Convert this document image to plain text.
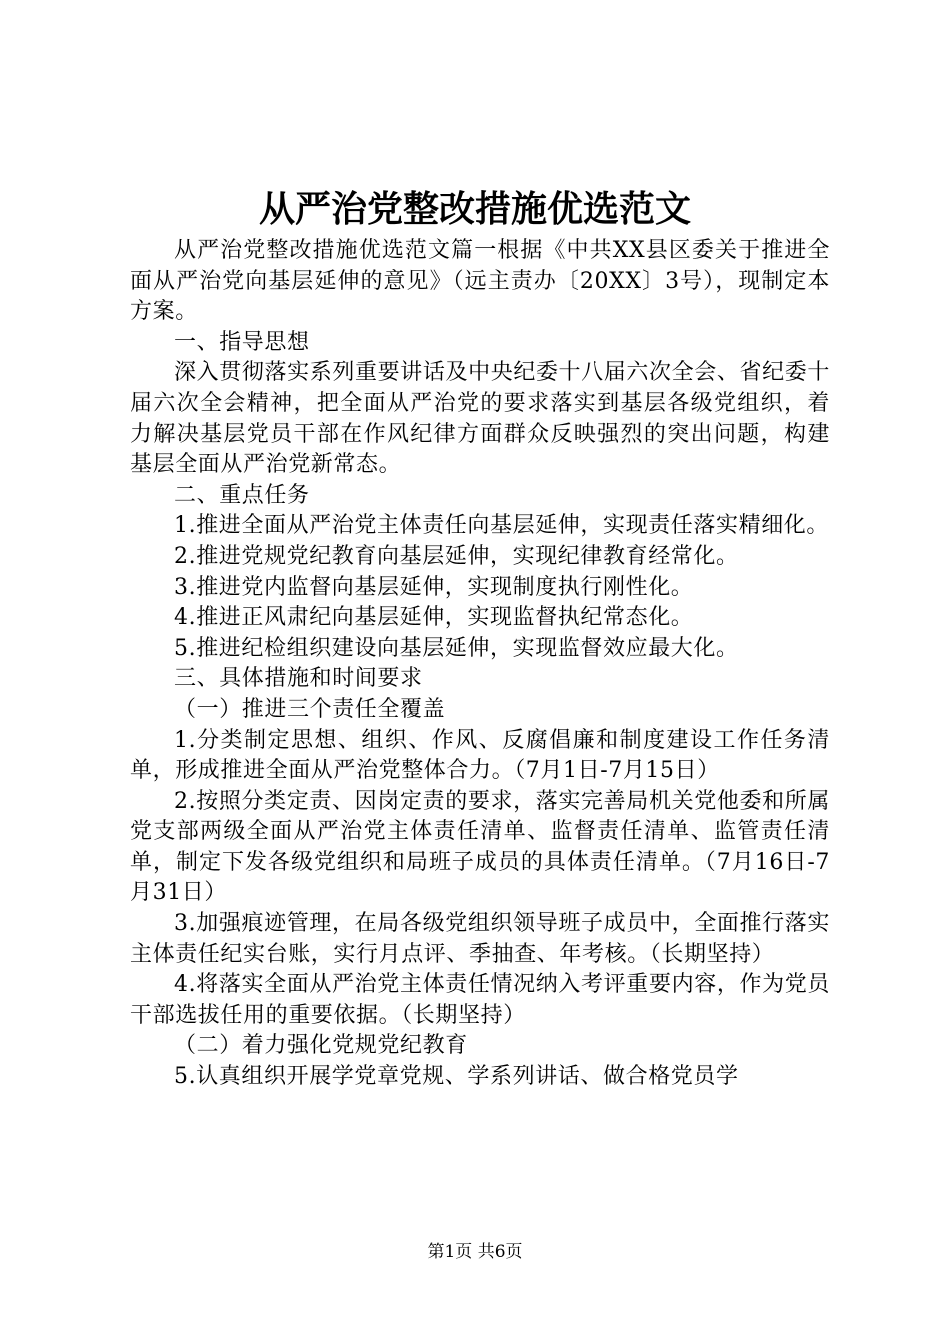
从严治党整改措施优选范文

从严治党整改措施优选范文篇一根据《中共XX县区委关于推进全面从严治党向基层延伸的意见》（远主责办〔20XX〕3号），现制定本方案。

一、指导思想

深入贯彻落实系列重要讲话及中央纪委十八届六次全会、省纪委十届六次全会精神，把全面从严治党的要求落实到基层各级党组织，着力解决基层党员干部在作风纪律方面群众反映强烈的突出问题，构建基层全面从严治党新常态。

二、重点任务

1.推进全面从严治党主体责任向基层延伸，实现责任落实精细化。

2.推进党规党纪教育向基层延伸，实现纪律教育经常化。

3.推进党内监督向基层延伸，实现制度执行刚性化。

4.推进正风肃纪向基层延伸，实现监督执纪常态化。

5.推进纪检组织建设向基层延伸，实现监督效应最大化。

三、具体措施和时间要求

（一）推进三个责任全覆盖

1.分类制定思想、组织、作风、反腐倡廉和制度建设工作任务清单，形成推进全面从严治党整体合力。（7月1日-7月15日）

2.按照分类定责、因岗定责的要求，落实完善局机关党他委和所属党支部两级全面从严治党主体责任清单、监督责任清单、监管责任清单，制定下发各级党组织和局班子成员的具体责任清单。（7月16日-7月31日）

3.加强痕迹管理，在局各级党组织领导班子成员中，全面推行落实主体责任纪实台账，实行月点评、季抽查、年考核。（长期坚持）

4.将落实全面从严治党主体责任情况纳入考评重要内容，作为党员干部选拔任用的重要依据。（长期坚持）

（二）着力强化党规党纪教育

5.认真组织开展学党章党规、学系列讲话、做合格党员学

第1页 共6页
